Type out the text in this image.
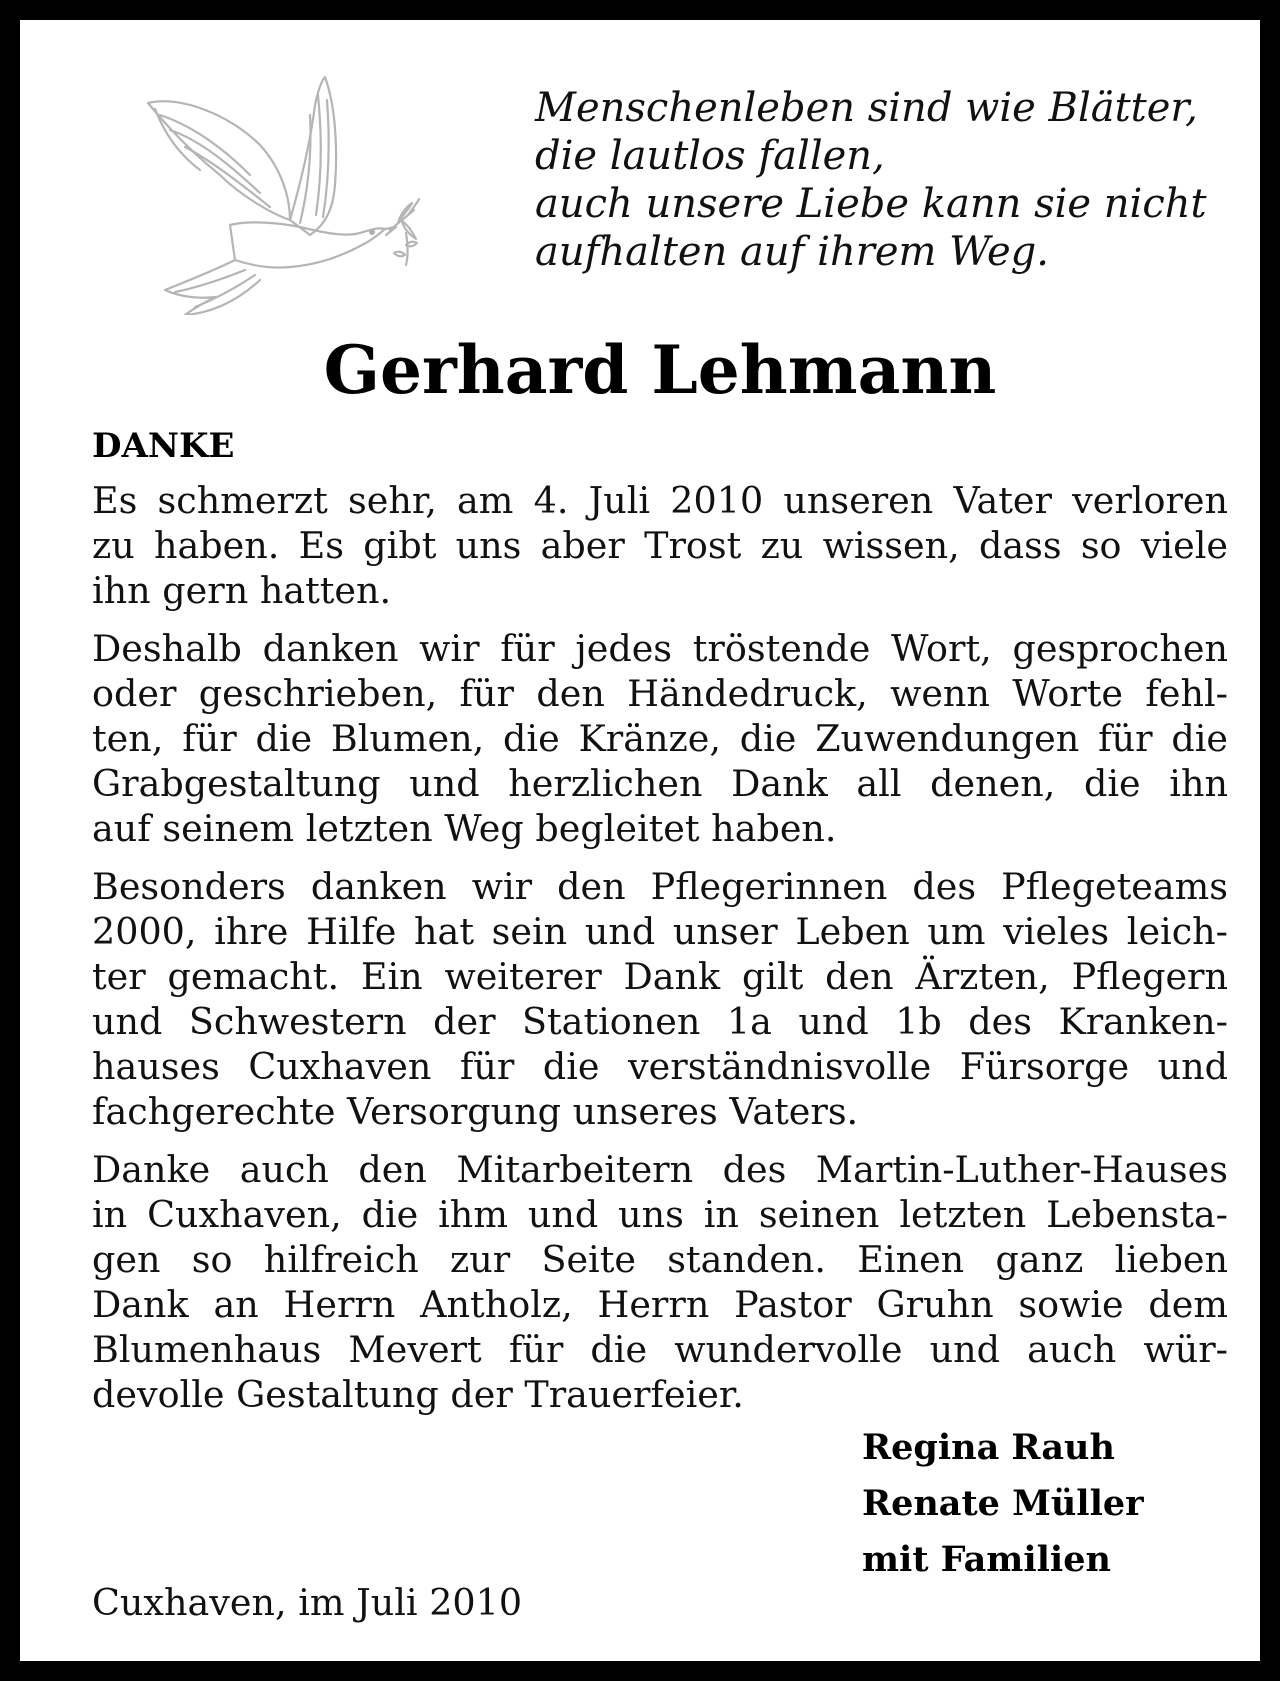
Menschenleben sind wie Blätter,
die lautlos fallen,
auch unsere Liebe kann sie nicht
aufhalten auf ihrem Weg.
Gerhard Lehmann
DANKE
Es schmerzt sehr, am 4. Juli 2010 unseren Vater verloren
zu haben. Es gibt uns aber Trost zu wissen, dass so viele
ihn gern hatten.
Deshalb danken wir für jedes tröstende Wort, gesprochen
oder geschrieben, für den Händedruck, wenn Worte fehl-
ten, für die Blumen, die Kränze, die Zuwendungen für die
Grabgestaltung und herzlichen Dank all denen, die ihn
auf seinem letzten Weg begleitet haben.
Besonders danken wir den Pflegerinnen des Pflegeteams
2000, ihre Hilfe hat sein und unser Leben um vieles leich-
ter gemacht. Ein weiterer Dank gilt den Ärzten, Pflegern
und Schwestern der Stationen 1a und 1b des Kranken-
hauses Cuxhaven für die verständnisvolle Fürsorge und
fachgerechte Versorgung unseres Vaters.
Danke auch den Mitarbeitern des Martin-Luther-Hauses
in Cuxhaven, die ihm und uns in seinen letzten Lebensta-
gen so hilfreich zur Seite standen. Einen ganz lieben
Dank an Herrn Antholz, Herrn Pastor Gruhn sowie dem
Blumenhaus Mevert für die wundervolle und auch wür-
devolle Gestaltung der Trauerfeier.
Regina Rauh
Renate Müller
mit Familien
Cuxhaven, im Juli 2010
